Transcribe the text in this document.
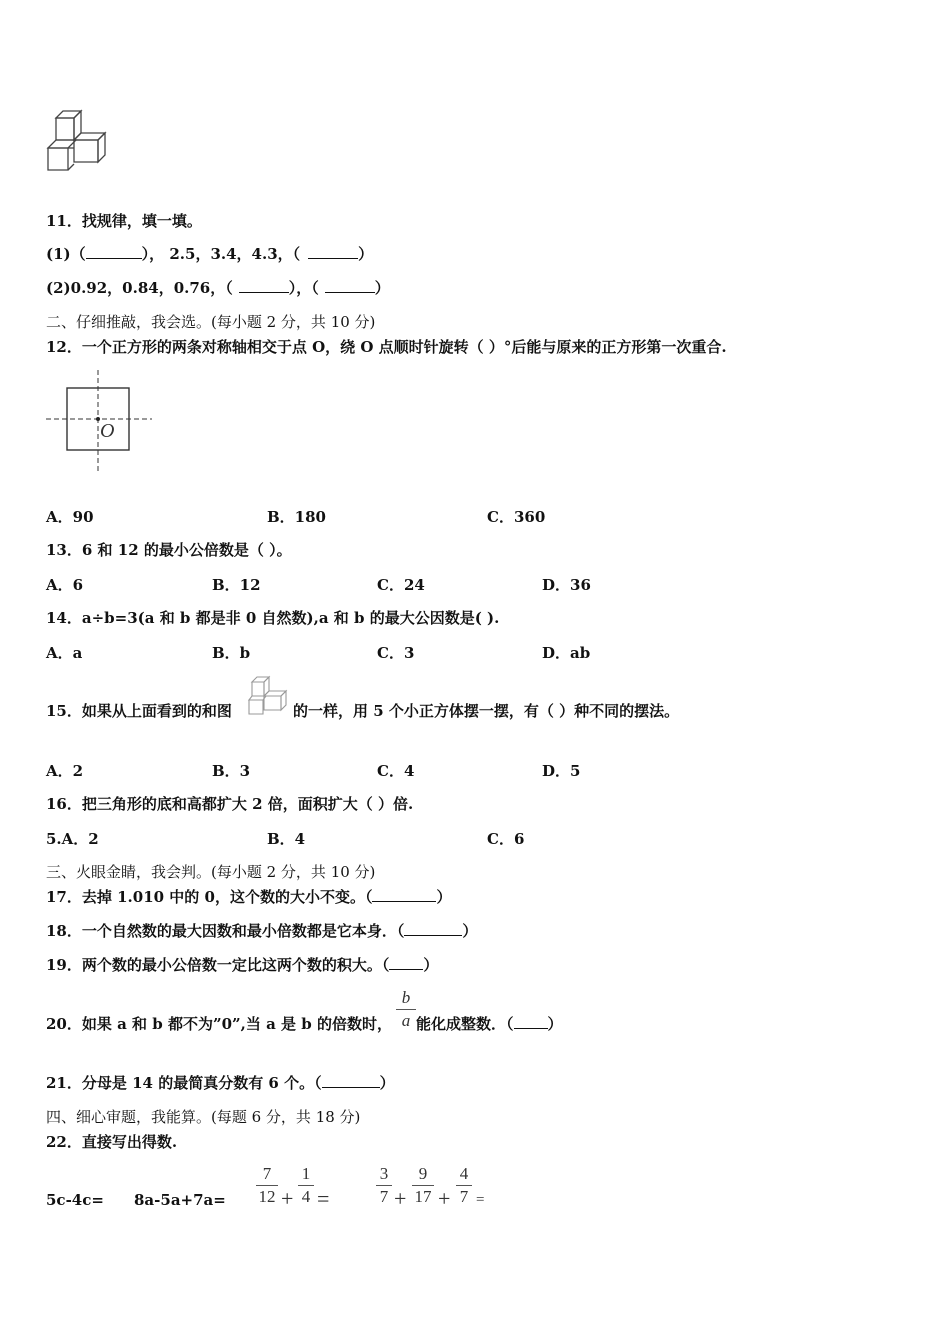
11．找规律，填一填。
(1)（	）， 2.5，3.4，4.3，（	）
(2)0.92，0.84，0.76，（	），（	）
二、仔细推敲，我会选。(每小题 2 分，共 10 分)
12．一个正方形的两条对称轴相交于点 O，绕 O 点顺时针旋转（ ）°后能与原来的正方形第一次重合.
O
A．90	B．180	C．360
13．6 和 12 的最小公倍数是（ ）。
A．6	B．12	C．24	D．36
14．a÷b=3(a 和 b 都是非 0 自然数),a 和 b 的最大公因数是( ).
A．a	B．b	C．3	D．ab
15．如果从上面看到的和图	的一样，用 5 个小正方体摆一摆，有（ ）种不同的摆法。
A．2	B．3	C．4	D．5
16．把三角形的底和高都扩大 2 倍，面积扩大（ ）倍.
5.A．2	B．4	C．6
三、火眼金睛，我会判。(每小题 2 分，共 10 分)
17．去掉 1.010 中的 0，这个数的大小不变。（	）
18．一个自然数的最大因数和最小倍数都是它本身．（	）
19．两个数的最小公倍数一定比这两个数的积大。（ ）
20．如果 a 和 b 都不为”0”,当 a 是 b 的倍数时，
b
a 能化成整数．（ ）
21．分母是 14 的最简真分数有 6 个。（	）
四、细心审题，我能算。(每题 6 分，共 18 分)
22．直接写出得数.
5c-4c= 8a-5a+7a=
7
12 +
1
4 =
3
7 +
9
17 +
4
7 =
